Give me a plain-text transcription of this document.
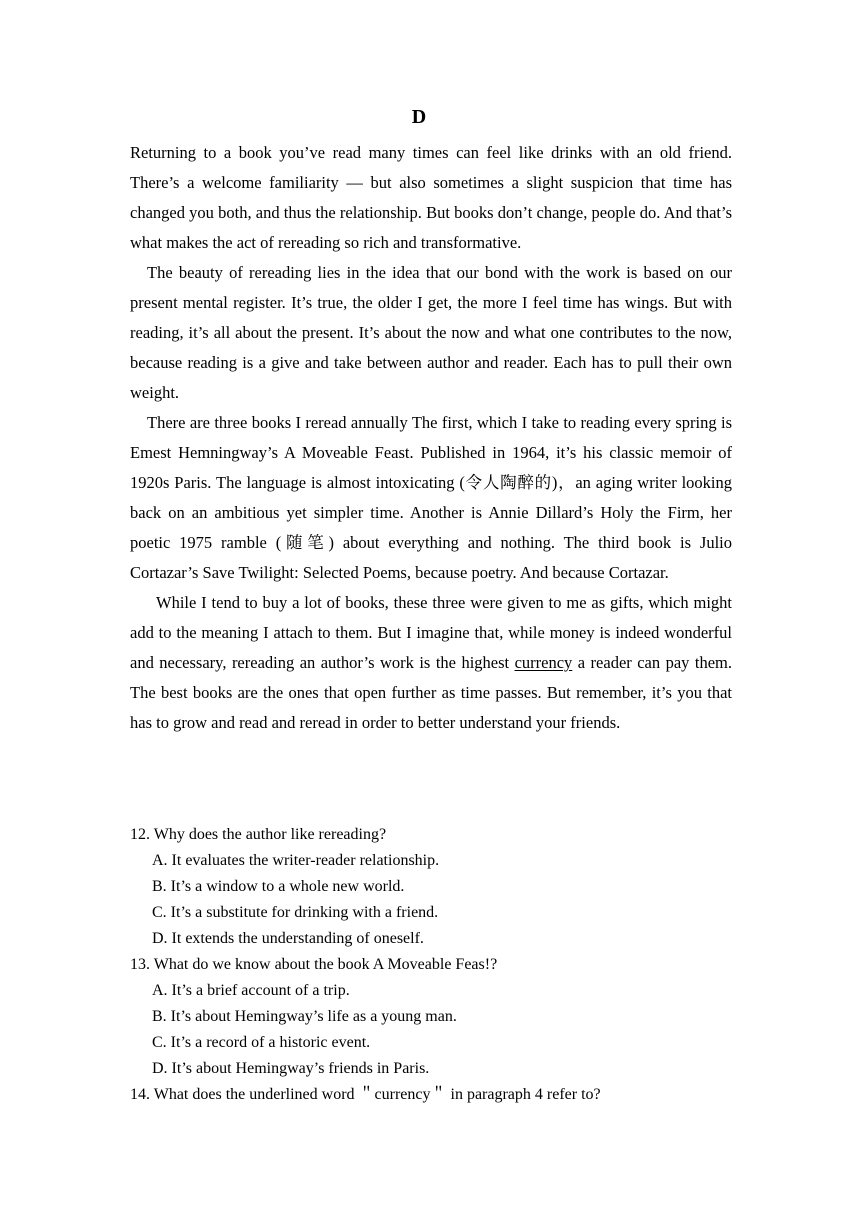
D

Returning to a book you’ve read many times can feel like drinks with an old friend. There’s a welcome familiarity — but also sometimes a slight suspicion that time has changed you both, and thus the relationship. But books don’t change, people do. And that’s what makes the act of rereading so rich and transformative.

The beauty of rereading lies in the idea that our bond with the work is based on our present mental register. It’s true, the older I get, the more I feel time has wings. But with reading, it’s all about the present. It’s about the now and what one contributes to the now, because reading is a give and take between author and reader. Each has to pull their own weight.

There are three books I reread annually The first, which I take to reading every spring is Emest Hemningway’s A Moveable Feast. Published in 1964, it’s his classic memoir of 1920s Paris. The language is almost intoxicating (令人陶醉的)，an aging writer looking back on an ambitious yet simpler time. Another is Annie Dillard’s Holy the Firm, her poetic 1975 ramble (随笔) about everything and nothing. The third book is Julio Cortazar’s Save Twilight: Selected Poems, because poetry. And because Cortazar.

While I tend to buy a lot of books, these three were given to me as gifts, which might add to the meaning I attach to them. But I imagine that, while money is indeed wonderful and necessary, rereading an author’s work is the highest currency a reader can pay them. The best books are the ones that open further as time passes. But remember, it’s you that has to grow and read and reread in order to better understand your friends.

12. Why does the author like rereading?

A. It evaluates the writer-reader relationship.

B. It’s a window to a whole new world.

C. It’s a substitute for drinking with a friend.

D. It extends the understanding of oneself.

13. What do we know about the book A Moveable Feas!?

A. It’s a brief account of a trip.

B. It’s about Hemingway’s life as a young man.

C. It’s a record of a historic event.

D. It’s about Hemingway’s friends in Paris.

14. What does the underlined word ＂currency＂ in paragraph 4 refer to?
